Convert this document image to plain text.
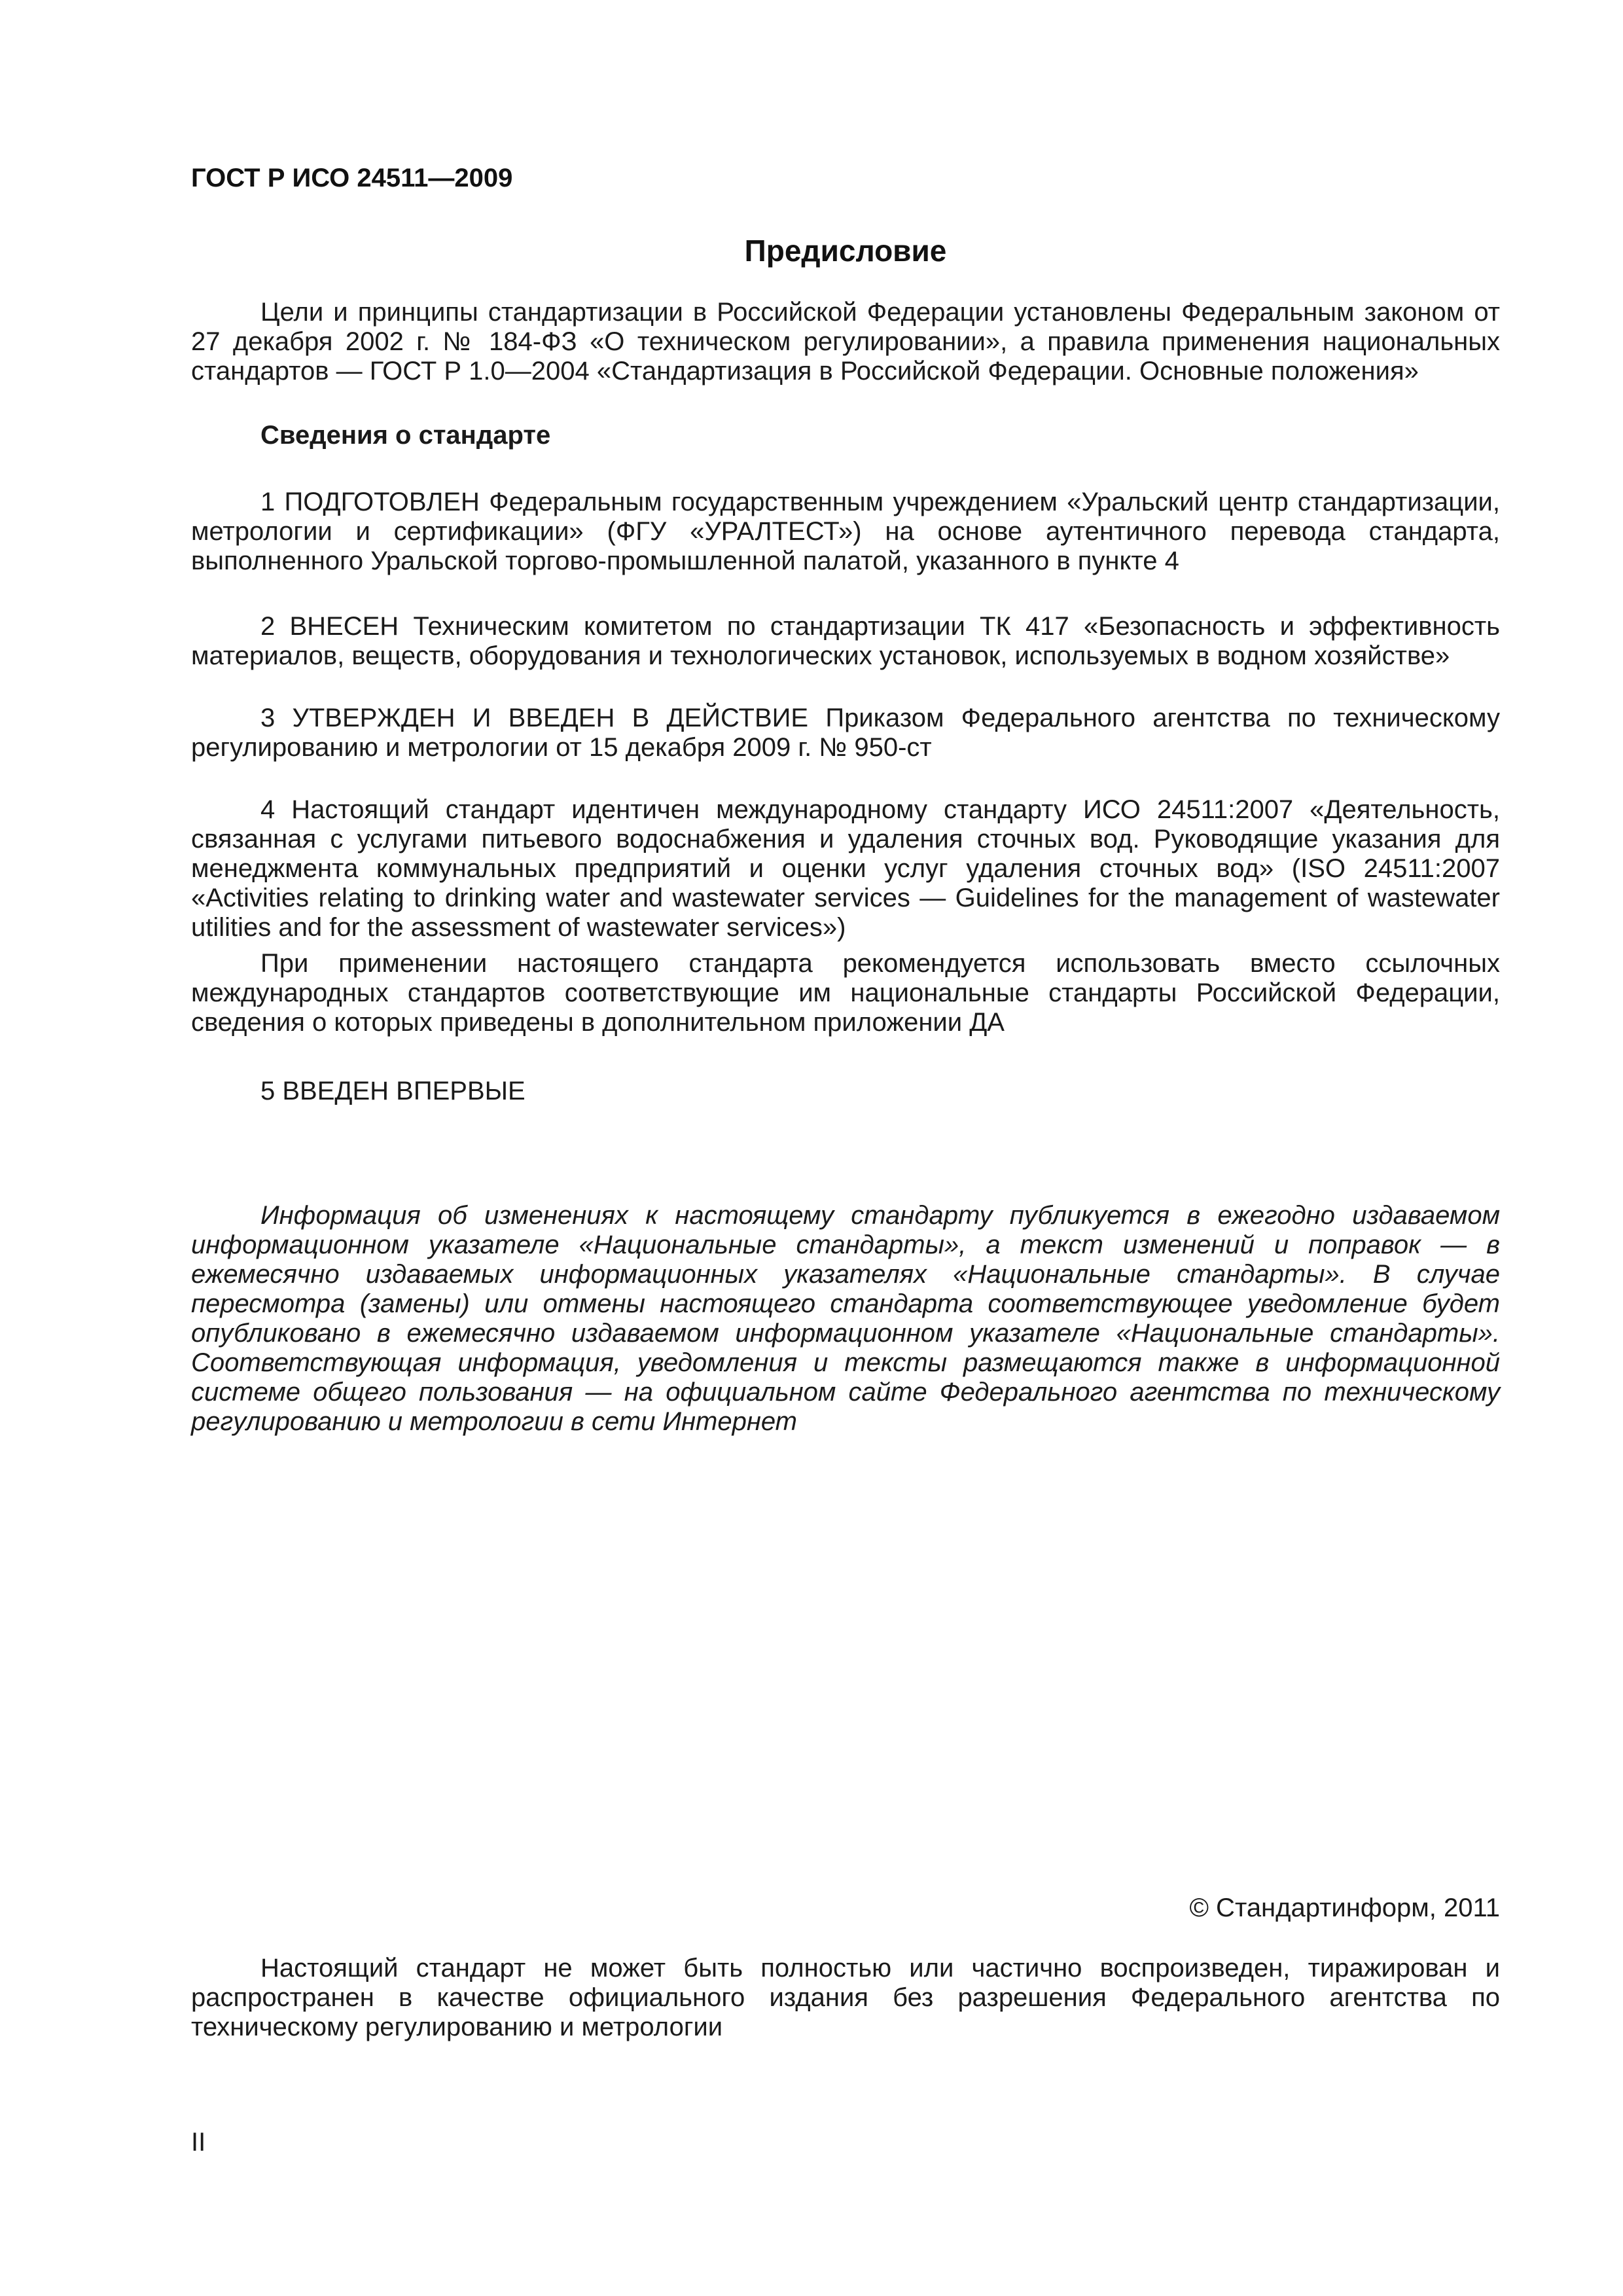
ГОСТ Р ИСО 24511—2009
Предисловие
Цели и принципы стандартизации в Российской Федерации установлены Федеральным законом от 27 декабря 2002 г. № 184-ФЗ «О техническом регулировании», а правила применения национальных стандартов — ГОСТ Р 1.0—2004 «Стандартизация в Российской Федерации. Основные положения»
Сведения о стандарте
1 ПОДГОТОВЛЕН Федеральным государственным учреждением «Уральский центр стандартизации, метрологии и сертификации» (ФГУ «УРАЛТЕСТ») на основе аутентичного перевода стандарта, выполненного Уральской торгово-промышленной палатой, указанного в пункте 4
2 ВНЕСЕН Техническим комитетом по стандартизации ТК 417 «Безопасность и эффективность материалов, веществ, оборудования и технологических установок, используемых в водном хозяйстве»
3 УТВЕРЖДЕН И ВВЕДЕН В ДЕЙСТВИЕ Приказом Федерального агентства по техническому регулированию и метрологии от 15 декабря 2009 г. № 950-ст
4 Настоящий стандарт идентичен международному стандарту ИСО 24511:2007 «Деятельность, связанная с услугами питьевого водоснабжения и удаления сточных вод. Руководящие указания для менеджмента коммунальных предприятий и оценки услуг удаления сточных вод» (ISO 24511:2007 «Activities relating to drinking water and wastewater services — Guidelines for the management of wastewater utilities and for the assessment of wastewater services»)
При применении настоящего стандарта рекомендуется использовать вместо ссылочных международных стандартов соответствующие им национальные стандарты Российской Федерации, сведения о которых приведены в дополнительном приложении ДА
5 ВВЕДЕН ВПЕРВЫЕ
Информация об изменениях к настоящему стандарту публикуется в ежегодно издаваемом информационном указателе «Национальные стандарты», а текст изменений и поправок — в ежемесячно издаваемых информационных указателях «Национальные стандарты». В случае пересмотра (замены) или отмены настоящего стандарта соответствующее уведомление будет опубликовано в ежемесячно издаваемом информационном указателе «Национальные стандарты». Соответствующая информация, уведомления и тексты размещаются также в информационной системе общего пользования — на официальном сайте Федерального агентства по техническому регулированию и метрологии в сети Интернет
© Стандартинформ, 2011
Настоящий стандарт не может быть полностью или частично воспроизведен, тиражирован и распространен в качестве официального издания без разрешения Федерального агентства по техническому регулированию и метрологии
II
